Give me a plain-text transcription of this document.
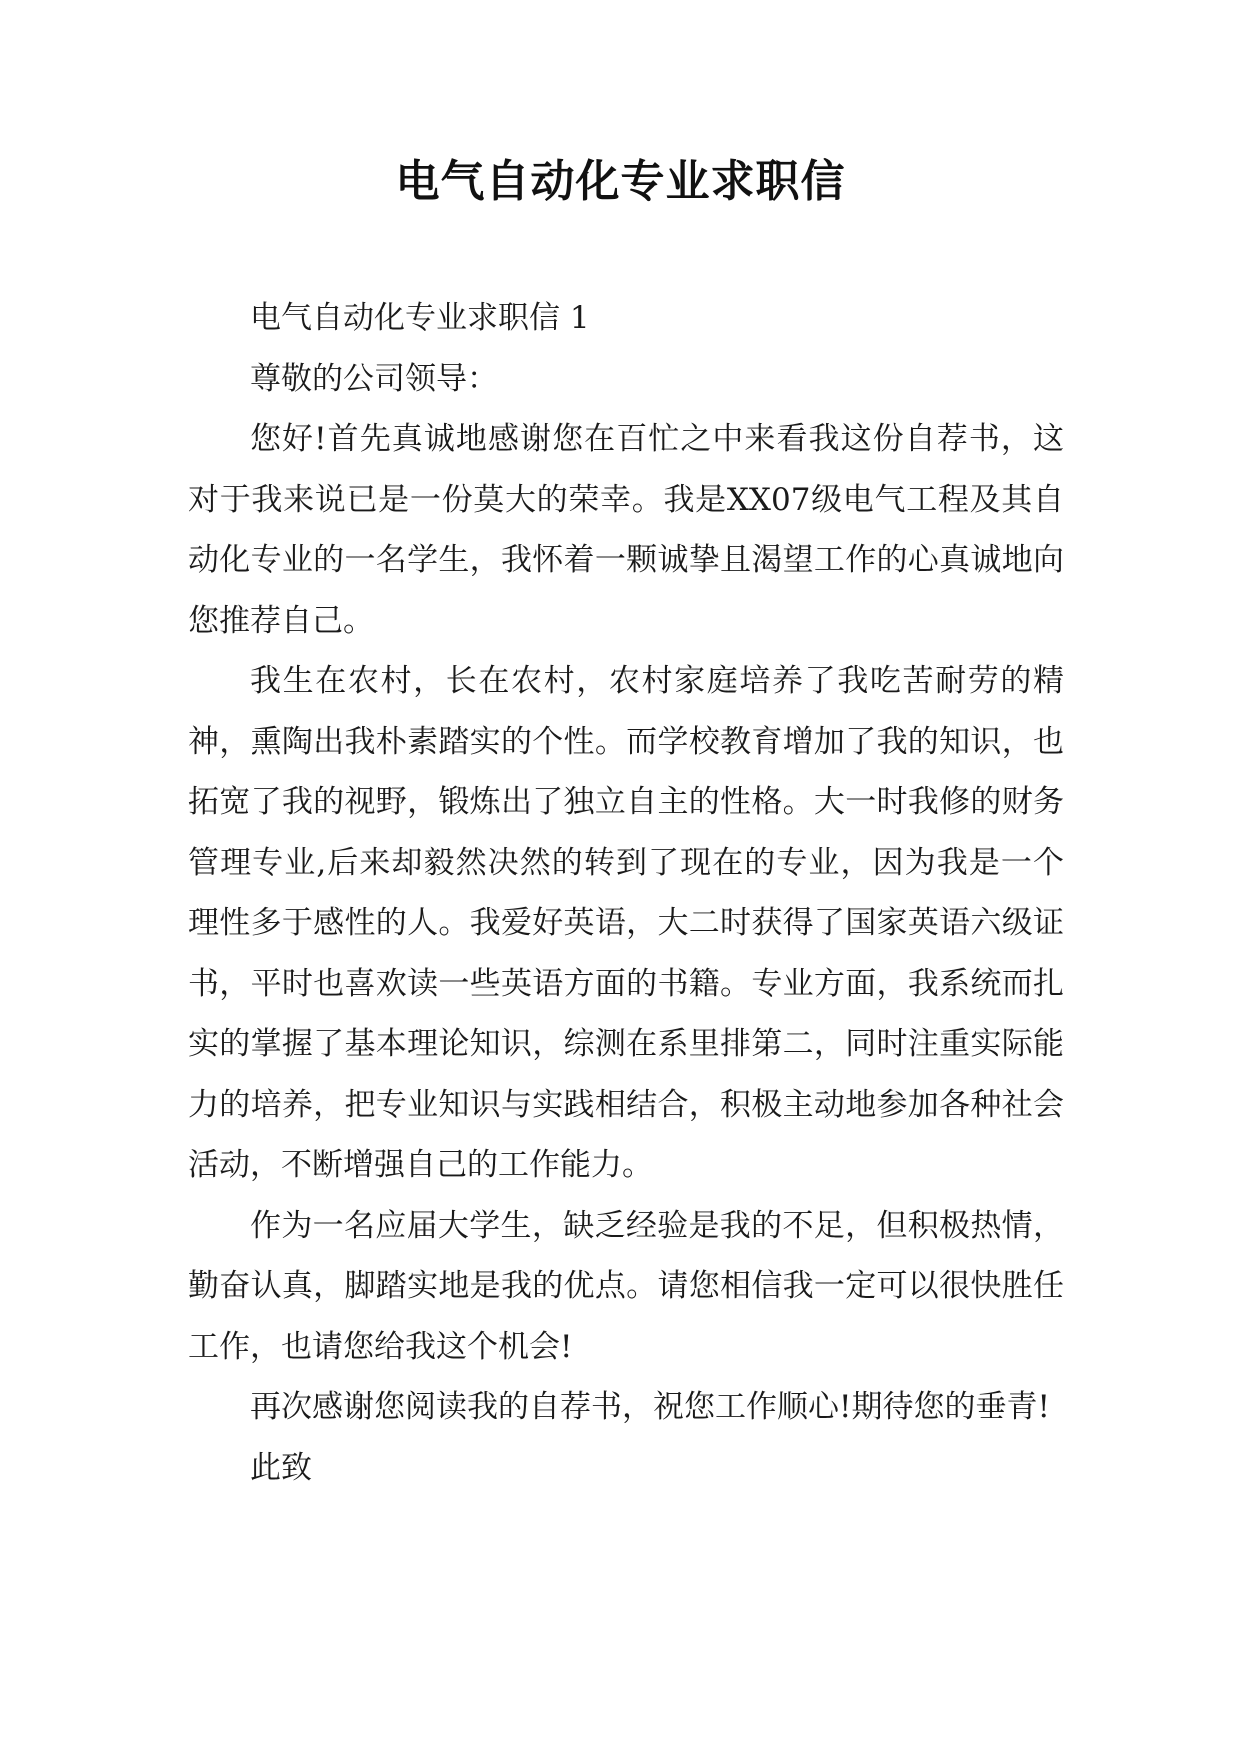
电气自动化专业求职信

电气自动化专业求职信 1

尊敬的公司领导：

您好!首先真诚地感谢您在百忙之中来看我这份自荐书，这对于我来说已是一份莫大的荣幸。我是XX07级电气工程及其自动化专业的一名学生，我怀着一颗诚挚且渴望工作的心真诚地向您推荐自己。

我生在农村，长在农村，农村家庭培养了我吃苦耐劳的精神，熏陶出我朴素踏实的个性。而学校教育增加了我的知识，也拓宽了我的视野，锻炼出了独立自主的性格。大一时我修的财务管理专业,后来却毅然决然的转到了现在的专业，因为我是一个理性多于感性的人。我爱好英语，大二时获得了国家英语六级证书，平时也喜欢读一些英语方面的书籍。专业方面，我系统而扎实的掌握了基本理论知识，综测在系里排第二，同时注重实际能力的培养，把专业知识与实践相结合，积极主动地参加各种社会活动，不断增强自己的工作能力。

作为一名应届大学生，缺乏经验是我的不足，但积极热情，勤奋认真，脚踏实地是我的优点。请您相信我一定可以很快胜任工作，也请您给我这个机会!

再次感谢您阅读我的自荐书，祝您工作顺心!期待您的垂青!

此致
